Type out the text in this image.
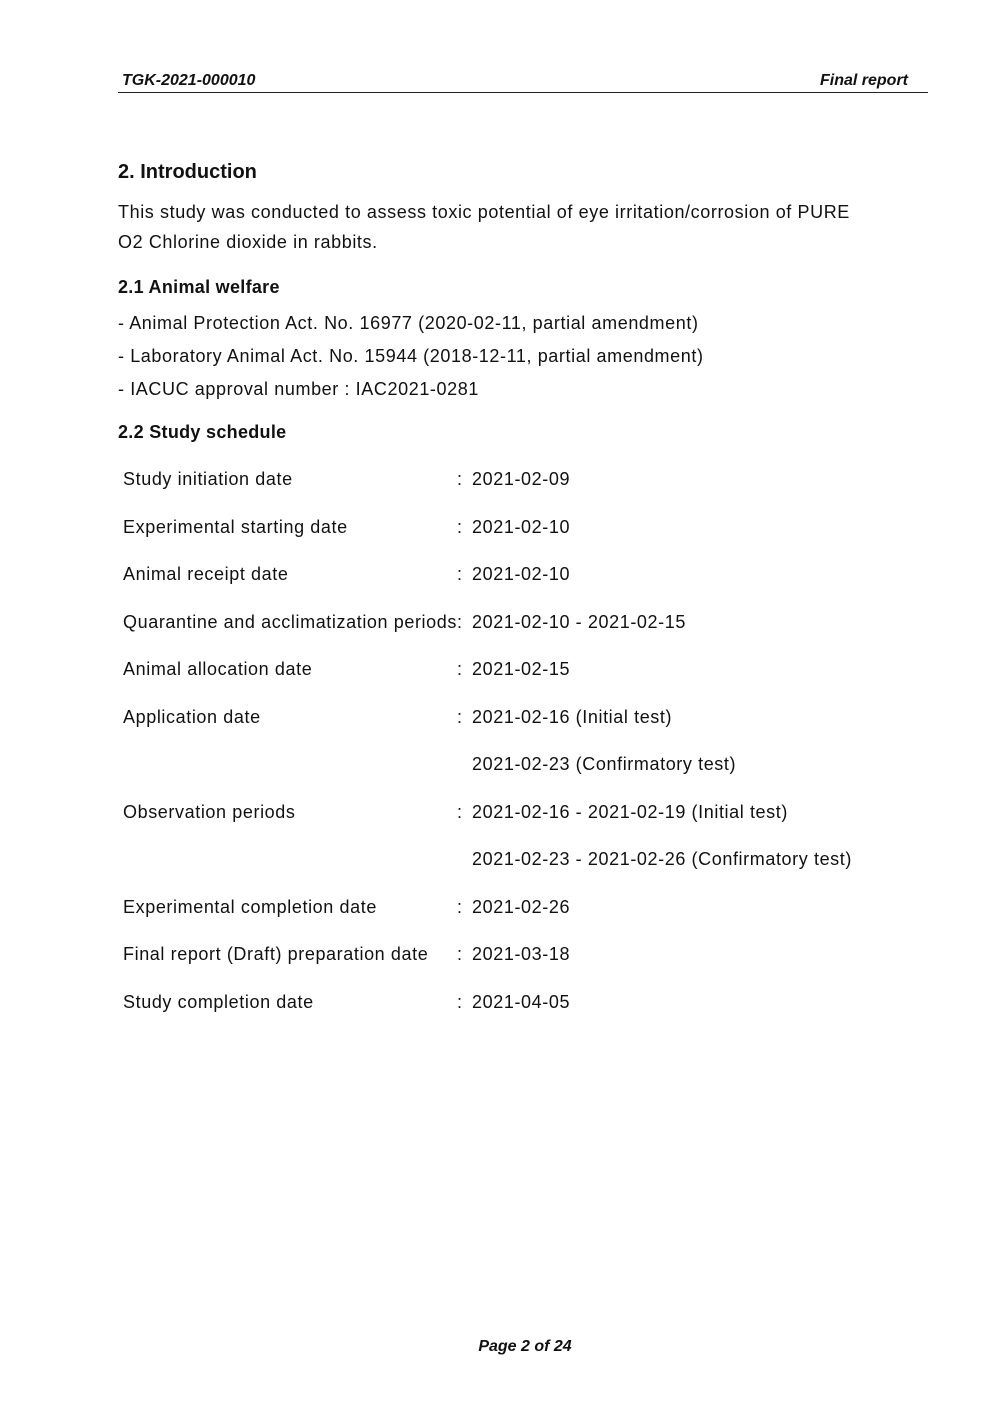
TGK-2021-000010	Final report
2. Introduction

This study was conducted to assess toxic potential of eye irritation/corrosion of PURE

O2 Chlorine dioxide in rabbits.

2.1 Animal welfare
- Animal Protection Act. No. 16977 (2020-02-11, partial amendment)
- Laboratory Animal Act. No. 15944 (2018-12-11, partial amendment)
- IACUC approval number : IAC2021-0281
2.2 Study schedule
Study initiation date	: 2021-02-09
Experimental starting date	: 2021-02-10
Animal receipt date	: 2021-02-10
Quarantine and acclimatization periods : 2021-02-10 - 2021-02-15
Animal allocation date	: 2021-02-15
Application date	: 2021-02-16 (Initial test)
2021-02-23 (Confirmatory test)
Observation periods	: 2021-02-16 - 2021-02-19 (Initial test)
2021-02-23 - 2021-02-26 (Confirmatory test)
Experimental completion date	: 2021-02-26
Final report (Draft) preparation date : 2021-03-18
Study completion date	: 2021-04-05
Page 2 of 24
